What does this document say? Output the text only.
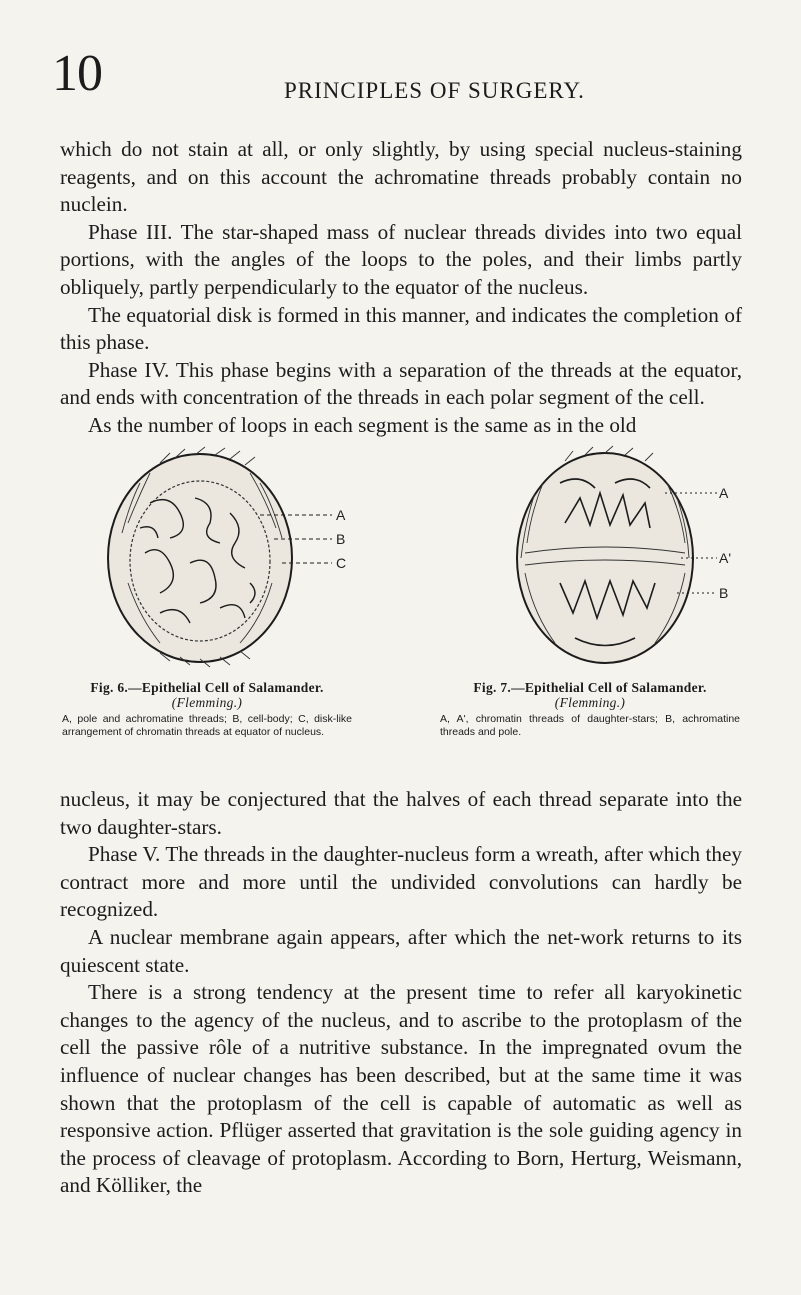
10	PRINCIPLES OF SURGERY.

which do not stain at all, or only slightly, by using special nucleus-staining reagents, and on this account the achromatine threads probably contain no nuclein.

Phase III. The star-shaped mass of nuclear threads divides into two equal portions, with the angles of the loops to the poles, and their limbs partly obliquely, partly perpendicularly to the equator of the nucleus.

The equatorial disk is formed in this manner, and indicates the completion of this phase.

Phase IV. This phase begins with a separation of the threads at the equator, and ends with concentration of the threads in each polar segment of the cell.

As the number of loops in each segment is the same as in the old

A
B
C
A
A'
B
Fig. 6.—Epithelial Cell of Salamander.
(Flemming.)
A, pole and achromatine threads; B, cell-body; C, disk-like arrangement of chromatin threads at equator of nucleus.
Fig. 7.—Epithelial Cell of Salamander.
(Flemming.)
A, A', chromatin threads of daughter-stars; B, achromatine threads and pole.

nucleus, it may be conjectured that the halves of each thread separate into the two daughter-stars.

Phase V. The threads in the daughter-nucleus form a wreath, after which they contract more and more until the undivided convolutions can hardly be recognized.

A nuclear membrane again appears, after which the net-work returns to its quiescent state.

There is a strong tendency at the present time to refer all karyokinetic changes to the agency of the nucleus, and to ascribe to the protoplasm of the cell the passive rôle of a nutritive substance. In the impregnated ovum the influence of nuclear changes has been described, but at the same time it was shown that the protoplasm of the cell is capable of automatic as well as responsive action. Pflüger asserted that gravitation is the sole guiding agency in the process of cleavage of protoplasm. According to Born, Herturg, Weismann, and Kölliker, the
